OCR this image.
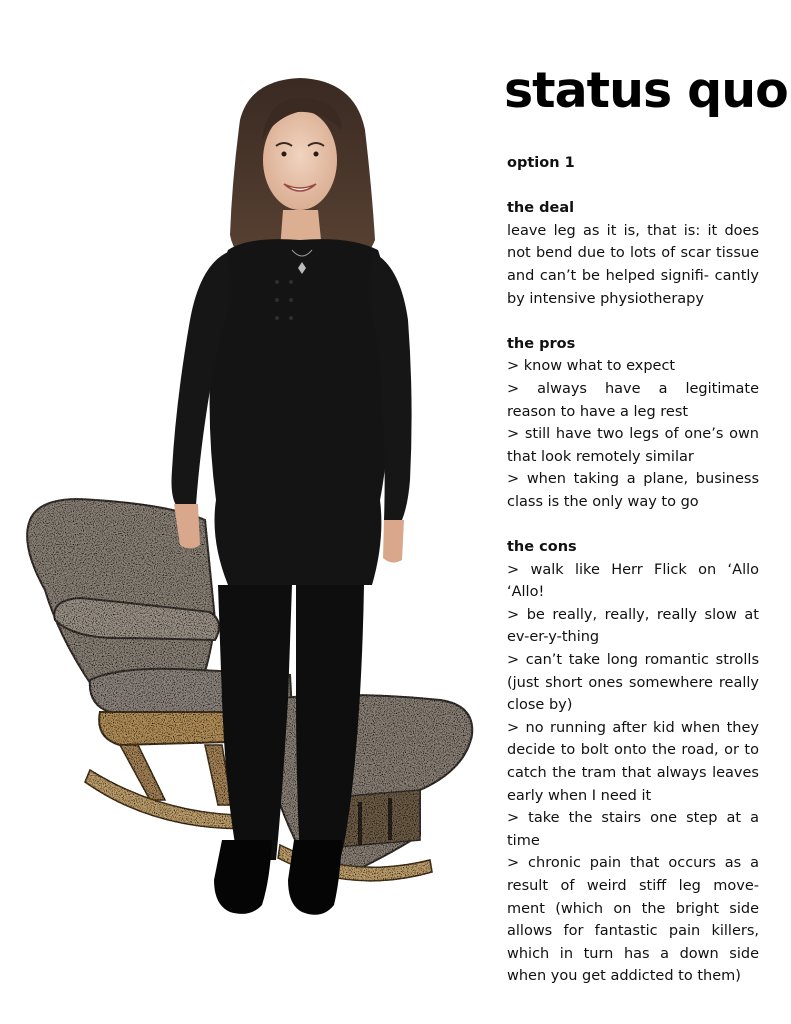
status quo

option 1

the deal

leave leg as it is, that is: it does not bend due to lots of scar tissue and can’t be helped signifi- cantly by intensive physiotherapy

the pros

> know what to expect

> always have a legitimate reason to have a leg rest

> still have two legs of one’s own that look remotely similar

> when taking a plane, business class is the only way to go

the cons

> walk like Herr Flick on ‘Allo ‘Allo!

> be really, really, really slow at ev-er-y-thing

> can’t take long romantic strolls (just short ones somewhere really close by)

> no running after kid when they decide to bolt onto the road, or to catch the tram that always leaves early when I need it

> take the stairs one step at a time

> chronic pain that occurs as a result of weird stiff leg move- ment (which on the bright side allows for fantastic pain killers, which in turn has a down side when you get addicted to them)
